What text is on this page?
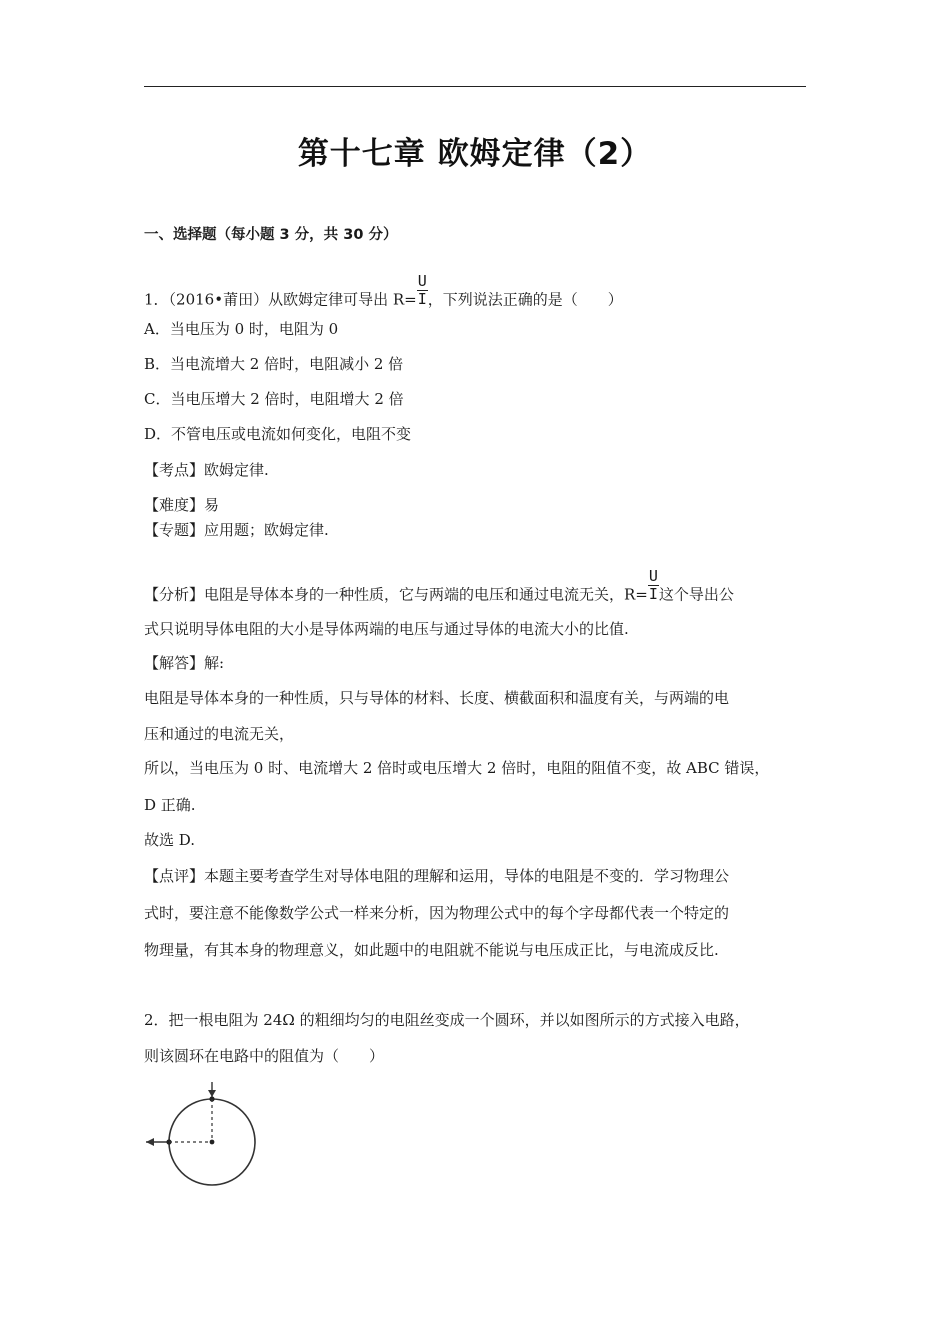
第十七章 欧姆定律（2）
一、选择题（每小题 3 分，共 30 分）
1．（2016•莆田）从欧姆定律可导出 $R= \frac{U}{I}$ ，下列说法正确的是（　　）
A．当电压为 0 时，电阻为 0
B．当电流增大 2 倍时，电阻减小 2 倍
C．当电压增大 2 倍时，电阻增大 2 倍
D．不管电压或电流如何变化，电阻不变
【考点】欧姆定律.
【难度】易
【专题】应用题；欧姆定律.
【分析】电阻是导体本身的一种性质，它与两端的电压和通过电流无关，$R= \frac{U}{I}$ 这个导出公
式只说明导体电阻的大小是导体两端的电压与通过导体的电流大小的比值.
【解答】解:
电阻是导体本身的一种性质，只与导体的材料、长度、横截面积和温度有关，与两端的电
压和通过的电流无关，
所以，当电压为 0 时、电流增大 2 倍时或电压增大 2 倍时，电阻的阻值不变，故 ABC 错误，
D 正确.
故选 D.
【点评】本题主要考查学生对导体电阻的理解和运用，导体的电阻是不变的．学习物理公
式时，要注意不能像数学公式一样来分析，因为物理公式中的每个字母都代表一个特定的
物理量，有其本身的物理意义，如此题中的电阻就不能说与电压成正比，与电流成反比.
2．把一根电阻为 24Ω 的粗细均匀的电阻丝变成一个圆环，并以如图所示的方式接入电路，
则该圆环在电路中的阻值为（　　）
